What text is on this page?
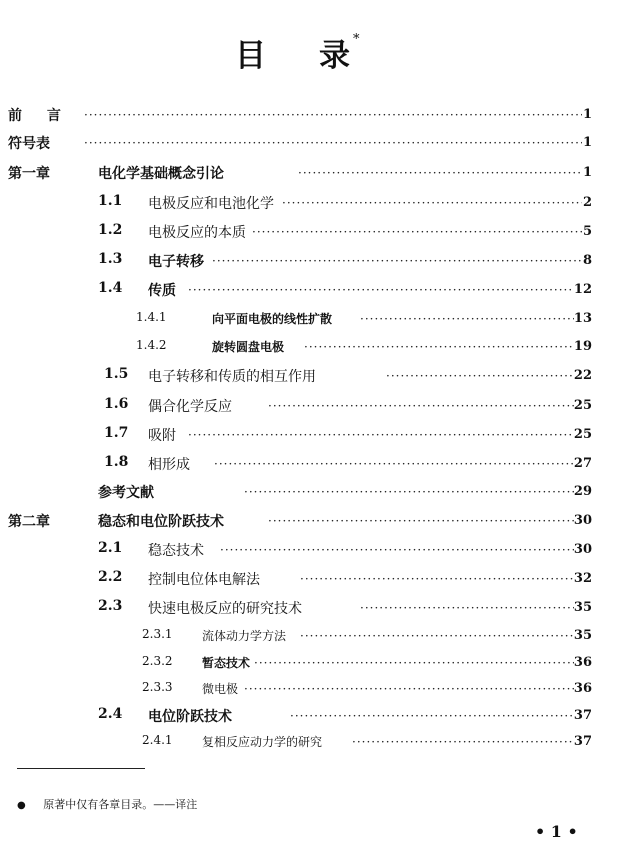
目 录 *
前 言 ·····	1
符号表 ·····	1
第一章	电化学基础概念引论 ·····	1
1.1 电极反应和电池化学 ·····	2
1.2 电极反应的本质 ·····	5
1.3 电子转移 ·····	8
1.4 传质 ·····	12
1.4.1	向平面电极的线性扩散 ·····	13
1.4.2	旋转圆盘电极 ·····	19
1.5 电子转移和传质的相互作用 ·····	22
1.6 偶合化学反应 ·····	25
1.7 吸附 ·····	25
1.8 相形成 ·····	27
参考文献 ·····	29
第二章	稳态和电位阶跃技术 ·····	30
2.1 稳态技术 ·····	30
2.2 控制电位体电解法 ·····	32
2.3 快速电极反应的研究技术 ·····	35
2.3.1 流体动力学方法 ·····	35
2.3.2 暂态技术 ·····	36
2.3.3 微电极 ·····	36
2.4 电位阶跃技术 ·····	37
2.4.1 复相反应动力学的研究 ·····	37
● 原著中仅有各章目录。——译注
• 1 •
